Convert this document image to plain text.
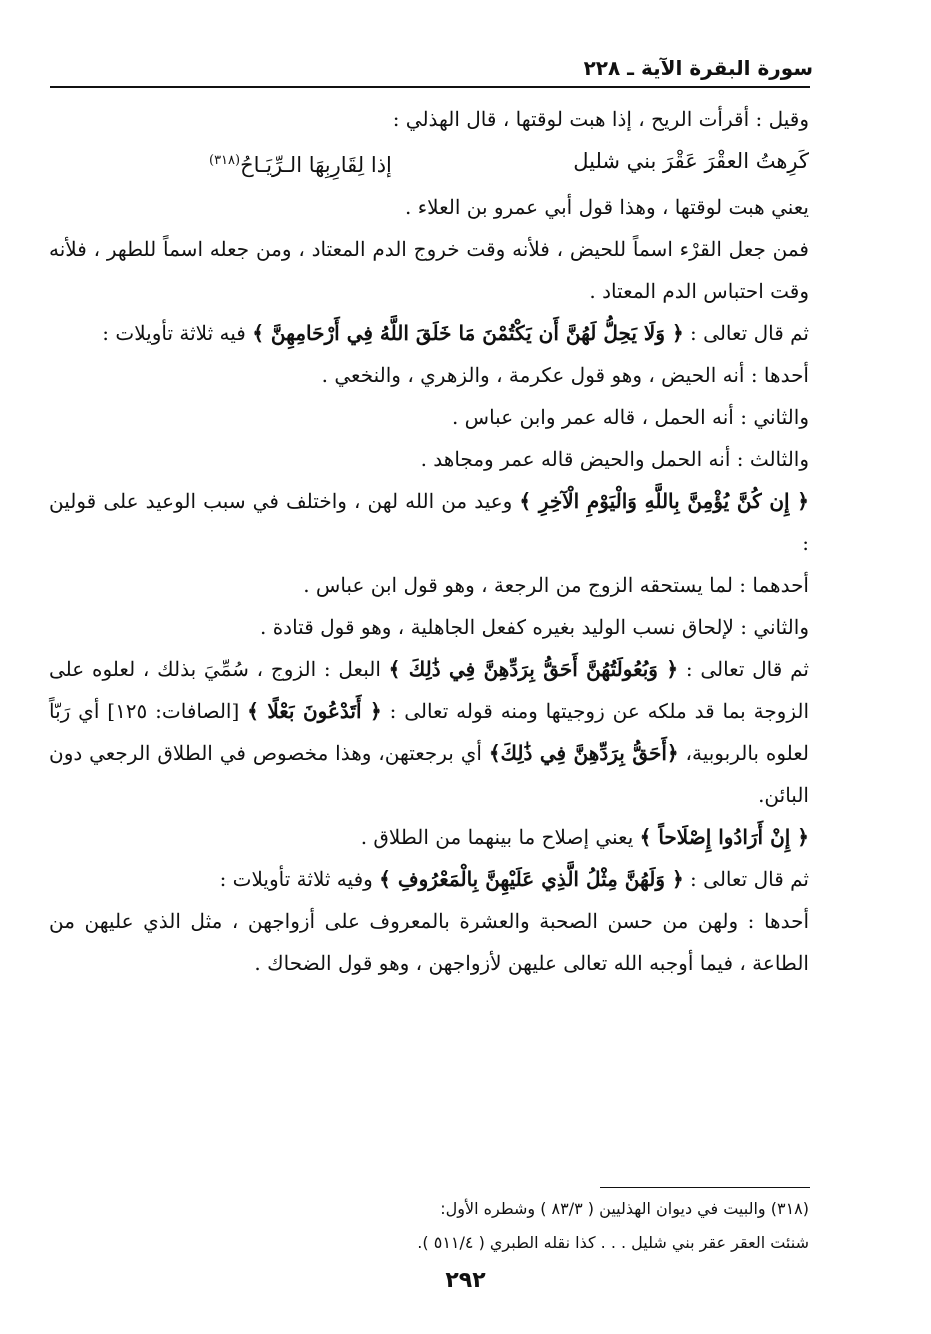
سورة البقرة الآية ـ ٢٢٨

وقيل : أقرأت الريح ، إذا هبت لوقتها ، قال الهذلي :

كَرِهتُ العقْرَ عَقْرَ بني شليل
إذا لِقَارِبِهَا الـرِّيَـاحُ$^{(٣١٨)}$

يعني هبت لوقتها ، وهذا قول أبي عمرو بن العلاء .

فمن جعل القرْء اسماً للحيض ، فلأنه وقت خروج الدم المعتاد ، ومن جعله اسماً للطهر ، فلأنه وقت احتباس الدم المعتاد .

ثم قال تعالى : ﴿ وَلَا يَحِلُّ لَهُنَّ أَن يَكْتُمْنَ مَا خَلَقَ اللَّهُ فِي أَرْحَامِهِنَّ ﴾ فيه ثلاثة تأويلات :

أحدها : أنه الحيض ، وهو قول عكرمة ، والزهري ، والنخعي .

والثاني : أنه الحمل ، قاله عمر وابن عباس .

والثالث : أنه الحمل والحيض قاله عمر ومجاهد .

﴿ إِن كُنَّ يُؤْمِنَّ بِاللَّهِ وَالْيَوْمِ الْآخِرِ ﴾ وعيد من الله لهن ، واختلف في سبب الوعيد على قولين :

أحدهما : لما يستحقه الزوج من الرجعة ، وهو قول ابن عباس .

والثاني : لإلحاق نسب الوليد بغيره كفعل الجاهلية ، وهو قول قتادة .

ثم قال تعالى : ﴿ وَبُعُولَتُهُنَّ أَحَقُّ بِرَدِّهِنَّ فِي ذَٰلِكَ ﴾ البعل : الزوج ، سُمِّيَ بذلك ، لعلوه على الزوجة بما قد ملكه عن زوجيتها ومنه قوله تعالى : ﴿ أَتَدْعُونَ بَعْلًا ﴾ [الصافات: ١٢٥] أي رَبّاً لعلوه بالربوبية، ﴿أَحَقُّ بِرَدِّهِنَّ فِي ذَٰلِكَ﴾ أي برجعتهن، وهذا مخصوص في الطلاق الرجعي دون البائن.

﴿ إِنْ أَرَادُوا إِصْلَاحاً ﴾ يعني إصلاح ما بينهما من الطلاق .

ثم قال تعالى : ﴿ وَلَهُنَّ مِثْلُ الَّذِي عَلَيْهِنَّ بِالْمَعْرُوفِ ﴾ وفيه ثلاثة تأويلات :

أحدها : ولهن من حسن الصحبة والعشرة بالمعروف على أزواجهن ، مثل الذي عليهن من الطاعة ، فيما أوجبه الله تعالى عليهن لأزواجهن ، وهو قول الضحاك .

(٣١٨) والبيت في ديوان الهذليين ( ٨٣/٣ ) وشطره الأول:

شنئت العقر عقر بني شليل . . . كذا نقله الطبري ( ٥١١/٤ ).

٢٩٢
